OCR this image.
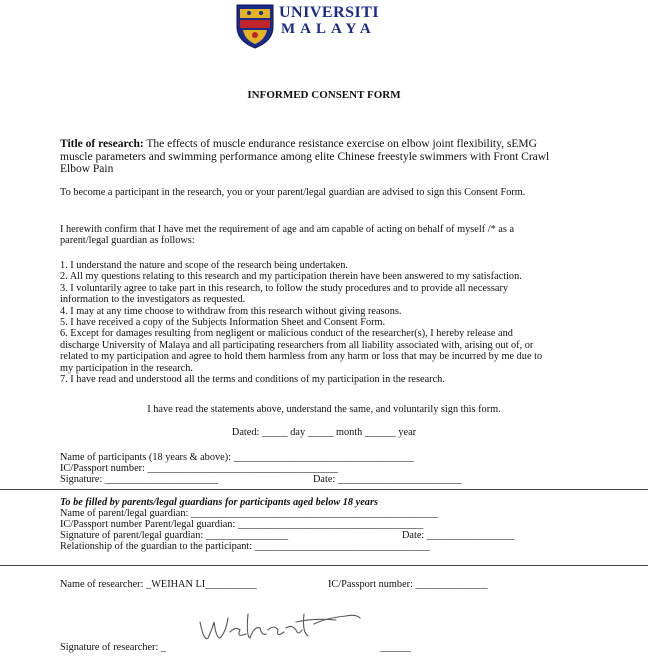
UNIVERSITI
MALAYA
INFORMED CONSENT FORM
Title of research: The effects of muscle endurance resistance exercise on elbow joint flexibility, sEMG muscle parameters and swimming performance among elite Chinese freestyle swimmers with Front Crawl Elbow Pain
To become a participant in the research, you or your parent/legal guardian are advised to sign this Consent Form.
I herewith confirm that I have met the requirement of age and am capable of acting on behalf of myself /* as a parent/legal guardian as follows:
1. I understand the nature and scope of the research being undertaken.
2. All my questions relating to this research and my participation therein have been answered to my satisfaction.
3. I voluntarily agree to take part in this research, to follow the study procedures and to provide all necessary information to the investigators as requested.
4. I may at any time choose to withdraw from this research without giving reasons.
5. I have received a copy of the Subjects Information Sheet and Consent Form.
6. Except for damages resulting from negligent or malicious conduct of the researcher(s), I hereby release and discharge University of Malaya and all participating researchers from all liability associated with, arising out of, or related to my participation and agree to hold them harmless from any harm or loss that may be incurred by me due to my participation in the research.
7. I have read and understood all the terms and conditions of my participation in the research.
I have read the statements above, understand the same, and voluntarily sign this form.
Dated: _____ day _____ month ______ year
Name of participants (18 years & above): ___________________________________
IC/Passport number: _____________________________________
Signature: ______________________	Date: ________________________
To be filled by parents/legal guardians for participants aged below 18 years
Name of parent/legal guardian: ________________________________________________
IC/Passport number Parent/legal guardian: ____________________________________
Signature of parent/legal guardian: ________________	Date: _________________
Relationship of the guardian to the participant: __________________________________
Name of researcher: _WEIHAN LI__________	IC/Passport number: ______________
Signature of researcher: _	______
